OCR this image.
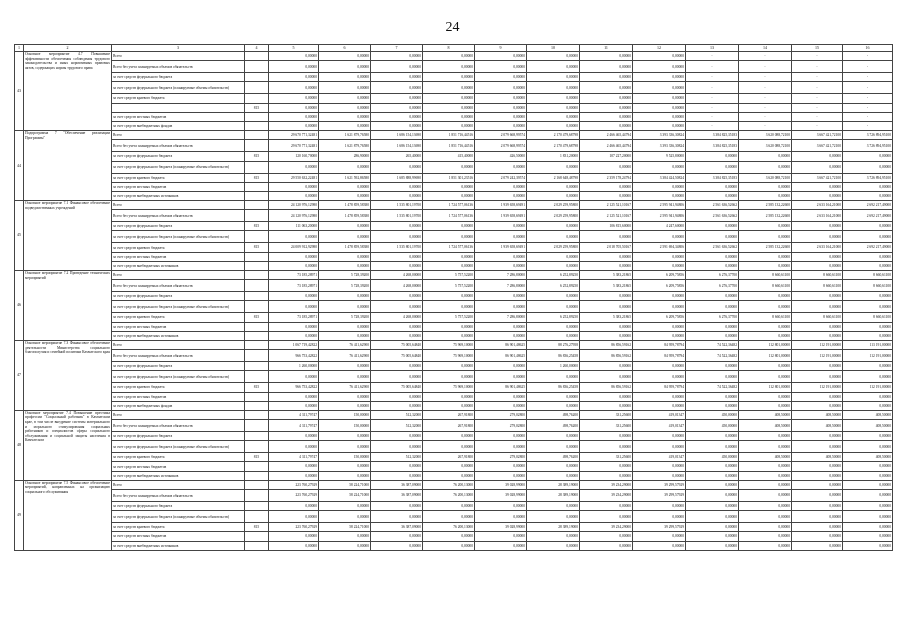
24
1	2	3	4	5	6	7	8	9	10	11	12	13	14	15	16
43	Основное мероприятие 4.7 Повышение эффективности обеспечения соблюдения трудового законодательства и иных нормативных правовых актов, содержащих нормы трудового права	Всего		0,00000	0,00000	0,00000	0,00000	0,00000	0,00000	0,00000	0,00000	-	-	-	-
		Всего без учета планируемых объемов обязательств		0,00000	0,00000	0,00000	0,00000	0,00000	0,00000	0,00000	0,00000	-	-	-	-
		за счет средств федерального бюджета		0,00000	0,00000	0,00000	0,00000	0,00000	0,00000	0,00000	0,00000	-	-	-	-
		за счет средств федерального бюджета (планируемые объемы обязательств)		0,00000	0,00000	0,00000	0,00000	0,00000	0,00000	0,00000	0,00000	-	-	-	-
		за счет средств краевого бюджета		0,00000	0,00000	0,00000	0,00000	0,00000	0,00000	0,00000	0,00000	-	-	-	-
			815	0,00000	0,00000	0,00000	0,00000	0,00000	0,00000	0,00000	0,00000	-	-	-	-
		за счет средств местных бюджетов		0,00000	0,00000	0,00000	0,00000	0,00000	0,00000	0,00000	0,00000	-	-	-	-
		за счет средств внебюджетных фондов		0,00000	0,00000	0,00000	0,00000	0,00000	0,00000	0,00000	0,00000	-	-	-	-
44	Подпрограмма 7 "Обеспечение реализации Программы"	Всего		29 670 771,32481	1 621 879,76580	1 686 154,13690	1 851 716,44516	2 079 668,99574	2 170 479,68798	2 466 465,44794	3 393 336,30824	3 384 825,35183	3 620 088,72100	3 667 421,72100	3 726 894,95100
		Всего без учета планируемых объемов обязательств		29 670 771,32481	1 621 879,76580	1 686 154,13690	1 851 716,44516	2 079 668,99574	2 170 479,68798	2 466 465,44794	3 393 336,30824	3 384 825,35183	3 620 088,72100	3 667 421,72100	3 726 894,95100
		за счет средств федерального бюджета	815	120 160,70000	286,90000	265,40000	415,40000	426,50000	1 831,20000	107 227,20000	9 525,80000	0,00000	0,00000	0,00000	0,00000
		за счет средств федерального бюджета (планируемые объемы обязательств)		0,00000	0,00000	0,00000	0,00000	0,00000	0,00000	0,00000	0,00000	0,00000	0,00000	0,00000	0,00000
		за счет средств краевого бюджета	815	29 550 632,22481	1 621 592,86580	1 685 888,99690	1 851 301,23516	2 079 242,39574	2 168 648,48798	2 359 178,24794	3 384 424,50824	3 384 825,35183	3 620 088,72100	3 667 421,72100	3 726 894,95100
		за счет средств местных бюджетов		0,00000	0,00000	0,00000	0,00000	0,00000	0,00000	0,00000	0,00000	0,00000	0,00000	0,00000	0,00000
		за счет средств внебюджетных источников		0,00000	0,00000	0,00000	0,00000	0,00000	0,00000	0,00000	0,00000	0,00000	0,00000	0,00000	0,00000
45	Основное мероприятие 7.1 Финансовое обеспечение подведомственных учреждений	Всего		24 120 976,12980	1 478 859,58380	1 535 801,19700	1 724 577,06136	1 939 658,69491	2 029 259,95800	2 125 521,10167	2 595 941,94806	2 561 636,52662	2 585 132,22600	2 633 164,21000	2 692 217,49000
		Всего без учета планируемых объемов обязательств		24 120 976,12980	1 478 859,58380	1 535 801,19700	1 724 577,06136	1 939 658,69491	2 029 259,95800	2 125 521,10167	2 595 941,94806	2 561 636,52662	2 585 132,22600	2 633 164,21000	2 692 217,49000
		за счет средств федерального бюджета	815	111 063,20000	0,00000	0,00000	0,00000	0,00000	0,00000	106 815,60000	4 247,60000	0,00000	0,00000	0,00000	0,00000
		за счет средств федерального бюджета (планируемые объемы обязательств)		0,00000	0,00000	0,00000	0,00000	0,00000	0,00000	0,00000	0,00000	0,00000	0,00000	0,00000	0,00000
		за счет средств краевого бюджета	815	24 009 912,92980	1 478 859,58380	1 535 801,19700	1 724 577,06136	1 939 658,69491	2 029 259,95800	2 018 705,50167	2 591 694,34806	2 561 636,52662	2 585 132,22600	2 633 164,21000	2 692 217,49000
		за счет средств местных бюджетов		0,00000	0,00000	0,00000	0,00000	0,00000	0,00000	0,00000	0,00000	0,00000	0,00000	0,00000	0,00000
		за счет средств внебюджетных источников		0,00000	0,00000	0,00000	0,00000	0,00000	0,00000	0,00000	0,00000	0,00000	0,00000	0,00000	0,00000
46	Основное мероприятие 7.2 Проведение технических мероприятий	Всего		73 185,28971	5 728,39200	4 268,00000	5 757,52200	7 286,80000	6 252,89250	5 383,21865	6 209,75856	6 276,37700	8 660,61100	8 660,61100	8 660,61100
		Всего без учета планируемых объемов обязательств		73 185,28971	5 728,39200	4 268,00000	5 757,52200	7 286,80000	6 252,89250	5 383,21865	6 209,75856	6 276,37700	8 660,61100	8 660,61100	8 660,61100
		за счет средств федерального бюджета		0,00000	0,00000	0,00000	0,00000	0,00000	0,00000	0,00000	0,00000	0,00000	0,00000	0,00000	0,00000
		за счет средств федерального бюджета (планируемые объемы обязательств)		0,00000	0,00000	0,00000	0,00000	0,00000	0,00000	0,00000	0,00000	0,00000	0,00000	0,00000	0,00000
		за счет средств краевого бюджета	815	73 185,28971	5 728,39200	4 268,00000	5 757,52200	7 286,80000	6 252,89250	5 383,21865	6 209,75856	6 276,37700	8 660,61100	8 660,61100	8 660,61100
		за счет средств местных бюджетов		0,00000	0,00000	0,00000	0,00000	0,00000	0,00000	0,00000	0,00000	0,00000	0,00000	0,00000	0,00000
		за счет средств внебюджетных источников		0,00000	0,00000	0,00000	0,00000	0,00000	0,00000	0,00000	0,00000	0,00000	0,00000	0,00000	0,00000
47	Основное мероприятие 7.3 Финансовое обеспечение деятельности Министерства социального благополучия и семейной политики Камчатского края	Всего		1 067 719,42822	76 411,62900	75 005,64840	75 969,10000	86 901,48625	88 276,27958	86 856,59162	84 959,78794	74 522,36482	112 801,00000	112 191,00000	113 191,00000
		Всего без учета планируемых объемов обязательств		966 753,42822	76 411,62900	75 005,64840	75 969,10000	86 901,48625	86 836,25458	86 856,59162	84 959,78794	74 522,36482	112 801,00000	112 191,00000	112 191,00000
		за счет средств федерального бюджета		1 260,00000	0,00000	0,00000	0,00000	0,00000	1 260,00000	0,00000	0,00000	0,00000	0,00000	0,00000	0,00000
		за счет средств федерального бюджета (планируемые объемы обязательств)		0,00000	0,00000	0,00000	0,00000	0,00000	0,00000	0,00000	0,00000	0,00000	0,00000	0,00000	0,00000
		за счет средств краевого бюджета	815	966 753,42822	76 411,62900	75 005,64840	75 969,10000	86 901,48625	86 836,25458	86 856,59162	84 959,78794	74 522,36482	112 801,00000	112 191,00000	112 191,00000
		за счет средств местных бюджетов		0,00000	0,00000	0,00000	0,00000	0,00000	0,00000	0,00000	0,00000	0,00000	0,00000	0,00000	0,00000
		за счет средств внебюджетных фондов		0,00000	0,00000	0,00000	0,00000	0,00000	0,00000	0,00000	0,00000	0,00000	0,00000	0,00000	0,00000
48	Основное мероприятие 7.4 Повышение престижа профессии "Социальный работник" в Камчатском крае, в том числе внедрение системы материального и морального стимулирования социальных работников и специалистов сферы социального обслуживания и социальной защиты населения в Камчатском	Всего		4 311,79747	150,00000	512,32000	267,91800	279,02800	498,76200	331,25600	419,01347	450,00000	408,50000	408,50000	408,50000
		Всего без учета планируемых объемов обязательств		4 311,79747	150,00000	512,32000	267,91800	279,02800	498,76200	331,25600	419,01347	450,00000	408,50000	408,50000	408,50000
		за счет средств федерального бюджета		0,00000	0,00000	0,00000	0,00000	0,00000	0,00000	0,00000	0,00000	0,00000	0,00000	0,00000	0,00000
		за счет средств федерального бюджета (планируемые объемы обязательств)		0,00000	0,00000	0,00000	0,00000	0,00000	0,00000	0,00000	0,00000	0,00000	0,00000	0,00000	0,00000
		за счет средств краевого бюджета	815	4 311,79747	150,00000	512,32000	267,91800	279,02800	498,76200	331,25600	419,01347	450,00000	408,50000	408,50000	408,50000
		за счет средств местных бюджетов		0,00000	0,00000	0,00000	0,00000	0,00000	0,00000	0,00000	0,00000	0,00000	0,00000	0,00000	0,00000
		за счет средств внебюджетных источников		0,00000	0,00000	0,00000	0,00000	0,00000	0,00000	0,00000	0,00000	0,00000	0,00000	0,00000	0,00000
49	Основное мероприятие 7.5 Финансовое обеспечение мероприятий, направленных на организацию социального обслуживания	Всего		223 760,27929	58 224,71000	36 387,09000	76 200,13000	39 028,99000	28 389,19000	39 234,29000	39 299,57929	0,00000	0,00000	0,00000	0,00000
		Всего без учета планируемых объемов обязательств		223 760,27929	58 224,71000	36 387,09000	76 200,13000	39 028,99000	28 389,19000	39 234,29000	39 299,57929	0,00000	0,00000	0,00000	0,00000
		за счет средств федерального бюджета		0,00000	0,00000	0,00000	0,00000	0,00000	0,00000	0,00000	0,00000	0,00000	0,00000	0,00000	0,00000
		за счет средств федерального бюджета (планируемые объемы обязательств)		0,00000	0,00000	0,00000	0,00000	0,00000	0,00000	0,00000	0,00000	0,00000	0,00000	0,00000	0,00000
		за счет средств краевого бюджета	815	223 760,27929	58 224,71000	36 387,09000	76 200,13000	39 028,99000	28 389,19000	39 234,29000	39 299,57929	0,00000	0,00000	0,00000	0,00000
		за счет средств местных бюджетов		0,00000	0,00000	0,00000	0,00000	0,00000	0,00000	0,00000	0,00000	0,00000	0,00000	0,00000	0,00000
		за счет средств внебюджетных источников		0,00000	0,00000	0,00000	0,00000	0,00000	0,00000	0,00000	0,00000	0,00000	0,00000	0,00000	0,00000
